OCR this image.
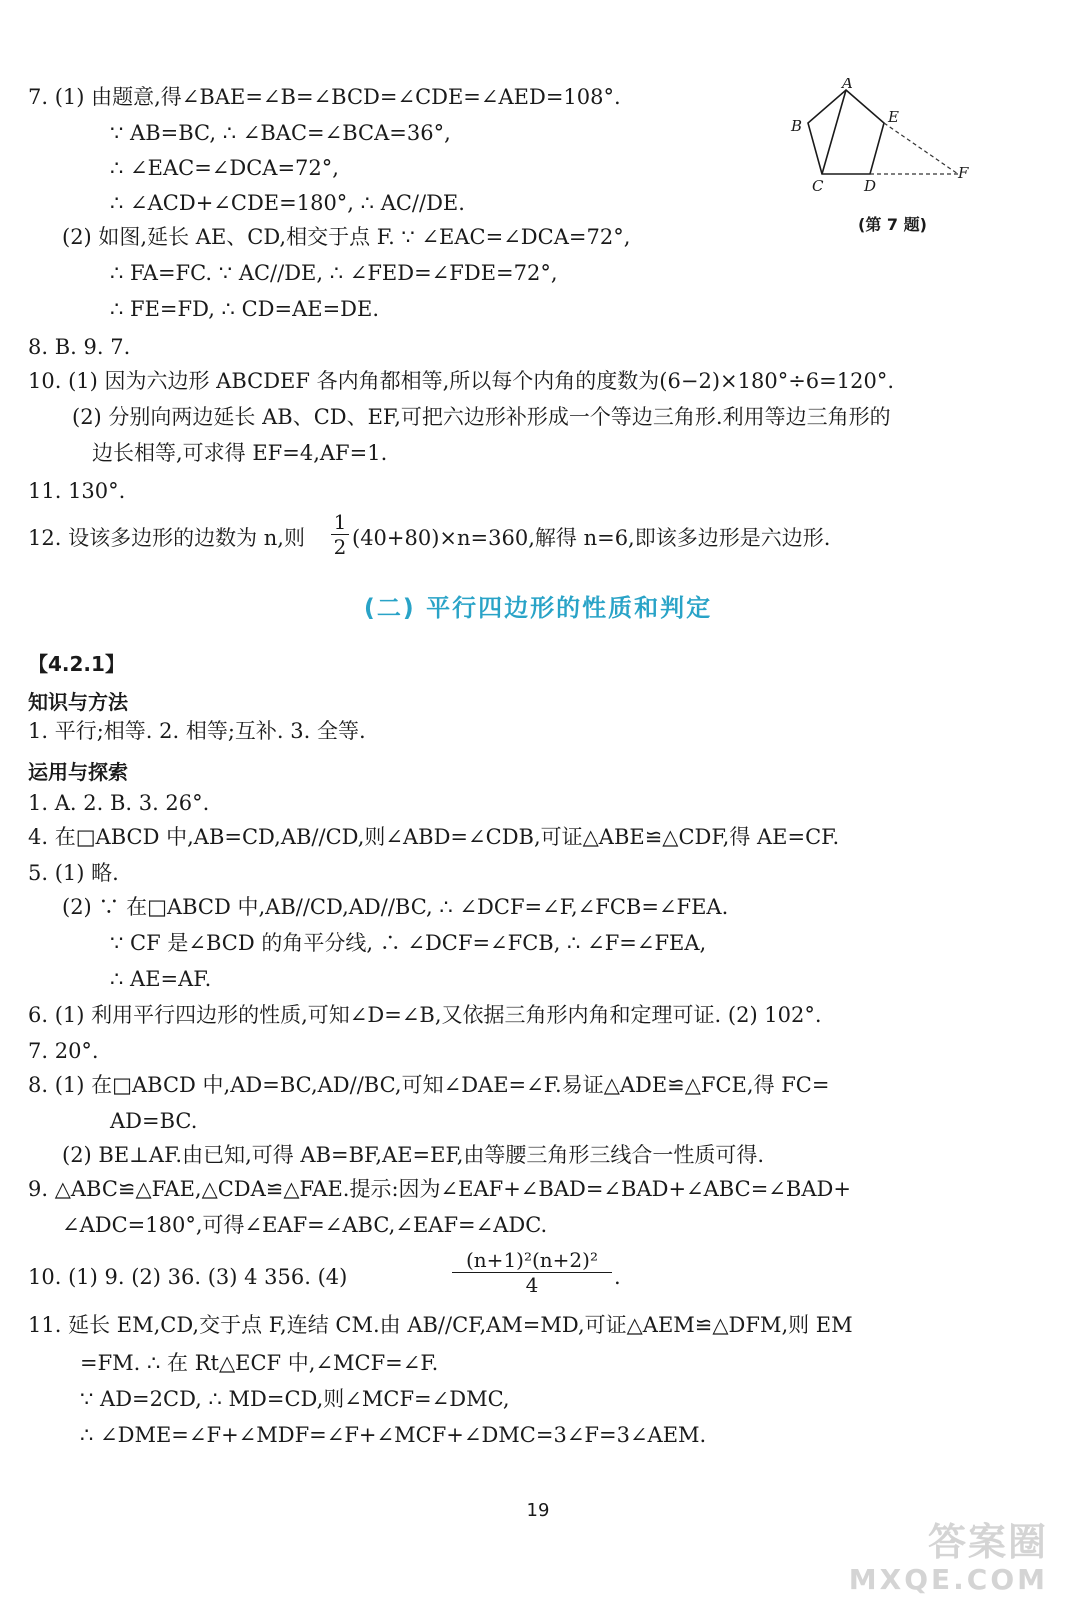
A
B
C	D
E
F
(第 7 题)
7. (1) 由题意,得∠BAE=∠B=∠BCD=∠CDE=∠AED=108°.
∵ AB=BC, ∴ ∠BAC=∠BCA=36°,
∴ ∠EAC=∠DCA=72°,
∴ ∠ACD+∠CDE=180°, ∴ AC//DE.
(2) 如图,延长 AE、CD,相交于点 F. ∵ ∠EAC=∠DCA=72°,
∴ FA=FC. ∵ AC//DE, ∴ ∠FED=∠FDE=72°,
∴ FE=FD, ∴ CD=AE=DE.
8. B. 9. 7.
10. (1) 因为六边形 ABCDEF 各内角都相等,所以每个内角的度数为(6−2)×180°÷6=120°.
(2) 分别向两边延长 AB、CD、EF,可把六边形补形成一个等边三角形.利用等边三角形的
边长相等,可求得 EF=4,AF=1.
11. 130°.
12. 设该多边形的边数为 n,则 $\frac{1}{2} (40+80)\times n=360$,解得 n=6,即该多边形是六边形.
(二) 平行四边形的性质和判定
【4.2.1】
知识与方法
1. 平行;相等. 2. 相等;互补. 3. 全等.
运用与探索
1. A. 2. B. 3. 26°.
4. 在□ABCD 中,AB=CD,AB//CD,则∠ABD=∠CDB,可证△ABE≌△CDF,得 AE=CF.
5. (1) 略.
(2) ∵ 在□ABCD 中,AB//CD,AD//BC, ∴ ∠DCF=∠F,∠FCB=∠FEA.
∵ CF 是∠BCD 的角平分线, ∴ ∠DCF=∠FCB, ∴ ∠F=∠FEA,
∴ AE=AF.
6. (1) 利用平行四边形的性质,可知∠D=∠B,又依据三角形内角和定理可证. (2) 102°.
7. 20°.
8. (1) 在□ABCD 中,AD=BC,AD//BC,可知∠DAE=∠F.易证△ADE≌△FCE,得 FC=
AD=BC.
(2) BE⊥AF.由已知,可得 AB=BF,AE=EF,由等腰三角形三线合一性质可得.
9. △ABC≌△FAE,△CDA≌△FAE.提示:因为∠EAF+∠BAD=∠BAD+∠ABC=∠BAD+
∠ADC=180°,可得∠EAF=∠ABC,∠EAF=∠ADC.
10. (1) 9. (2) 36. (3) 4 356. (4)	$\frac{\text{(n+1)²(n+2)²}}{4}$ .
11. 延长 EM,CD,交于点 F,连结 CM.由 AB//CF,AM=MD,可证△AEM≌△DFM,则 EM
=FM. ∴ 在 Rt△ECF 中,∠MCF=∠F.
∵ AD=2CD, ∴ MD=CD,则∠MCF=∠DMC,
∴ ∠DME=∠F+∠MDF=∠F+∠MCF+∠DMC=3∠F=3∠AEM.
19
答案圈
MXQE.COM
